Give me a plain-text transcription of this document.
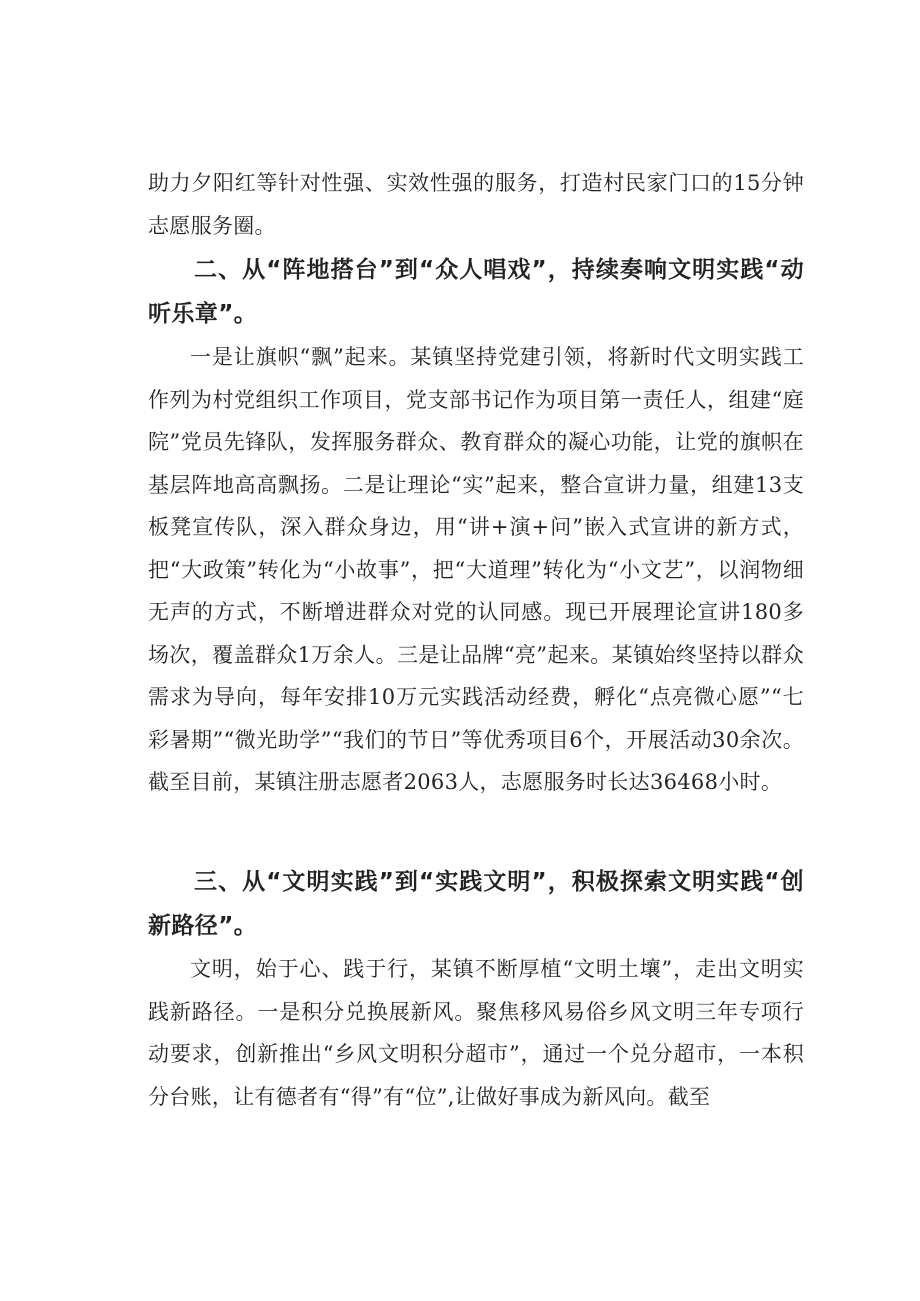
助力夕阳红等针对性强、实效性强的服务，打造村民家门口的15分钟志愿服务圈。
二、从“阵地搭台”到“众人唱戏”，持续奏响文明实践“动听乐章”。
一是让旗帜“飘”起来。某镇坚持党建引领，将新时代文明实践工作列为村党组织工作项目，党支部书记作为项目第一责任人，组建“庭院”党员先锋队，发挥服务群众、教育群众的凝心功能，让党的旗帜在基层阵地高高飘扬。二是让理论“实”起来，整合宣讲力量，组建13支板凳宣传队，深入群众身边，用“讲+演+问”嵌入式宣讲的新方式，把“大政策”转化为“小故事”，把“大道理”转化为“小文艺”，以润物细无声的方式，不断增进群众对党的认同感。现已开展理论宣讲180多场次，覆盖群众1万余人。三是让品牌“亮”起来。某镇始终坚持以群众需求为导向，每年安排10万元实践活动经费，孵化“点亮微心愿”“七彩暑期”“微光助学”“我们的节日”等优秀项目6个，开展活动30余次。截至目前，某镇注册志愿者2063人，志愿服务时长达36468小时。
三、从“文明实践”到“实践文明”，积极探索文明实践“创新路径”。
文明，始于心、践于行，某镇不断厚植“文明土壤”，走出文明实践新路径。一是积分兑换展新风。聚焦移风易俗乡风文明三年专项行动要求，创新推出“乡风文明积分超市”，通过一个兑分超市，一本积分台账，让有德者有“得”有“位”,让做好事成为新风向。截至
